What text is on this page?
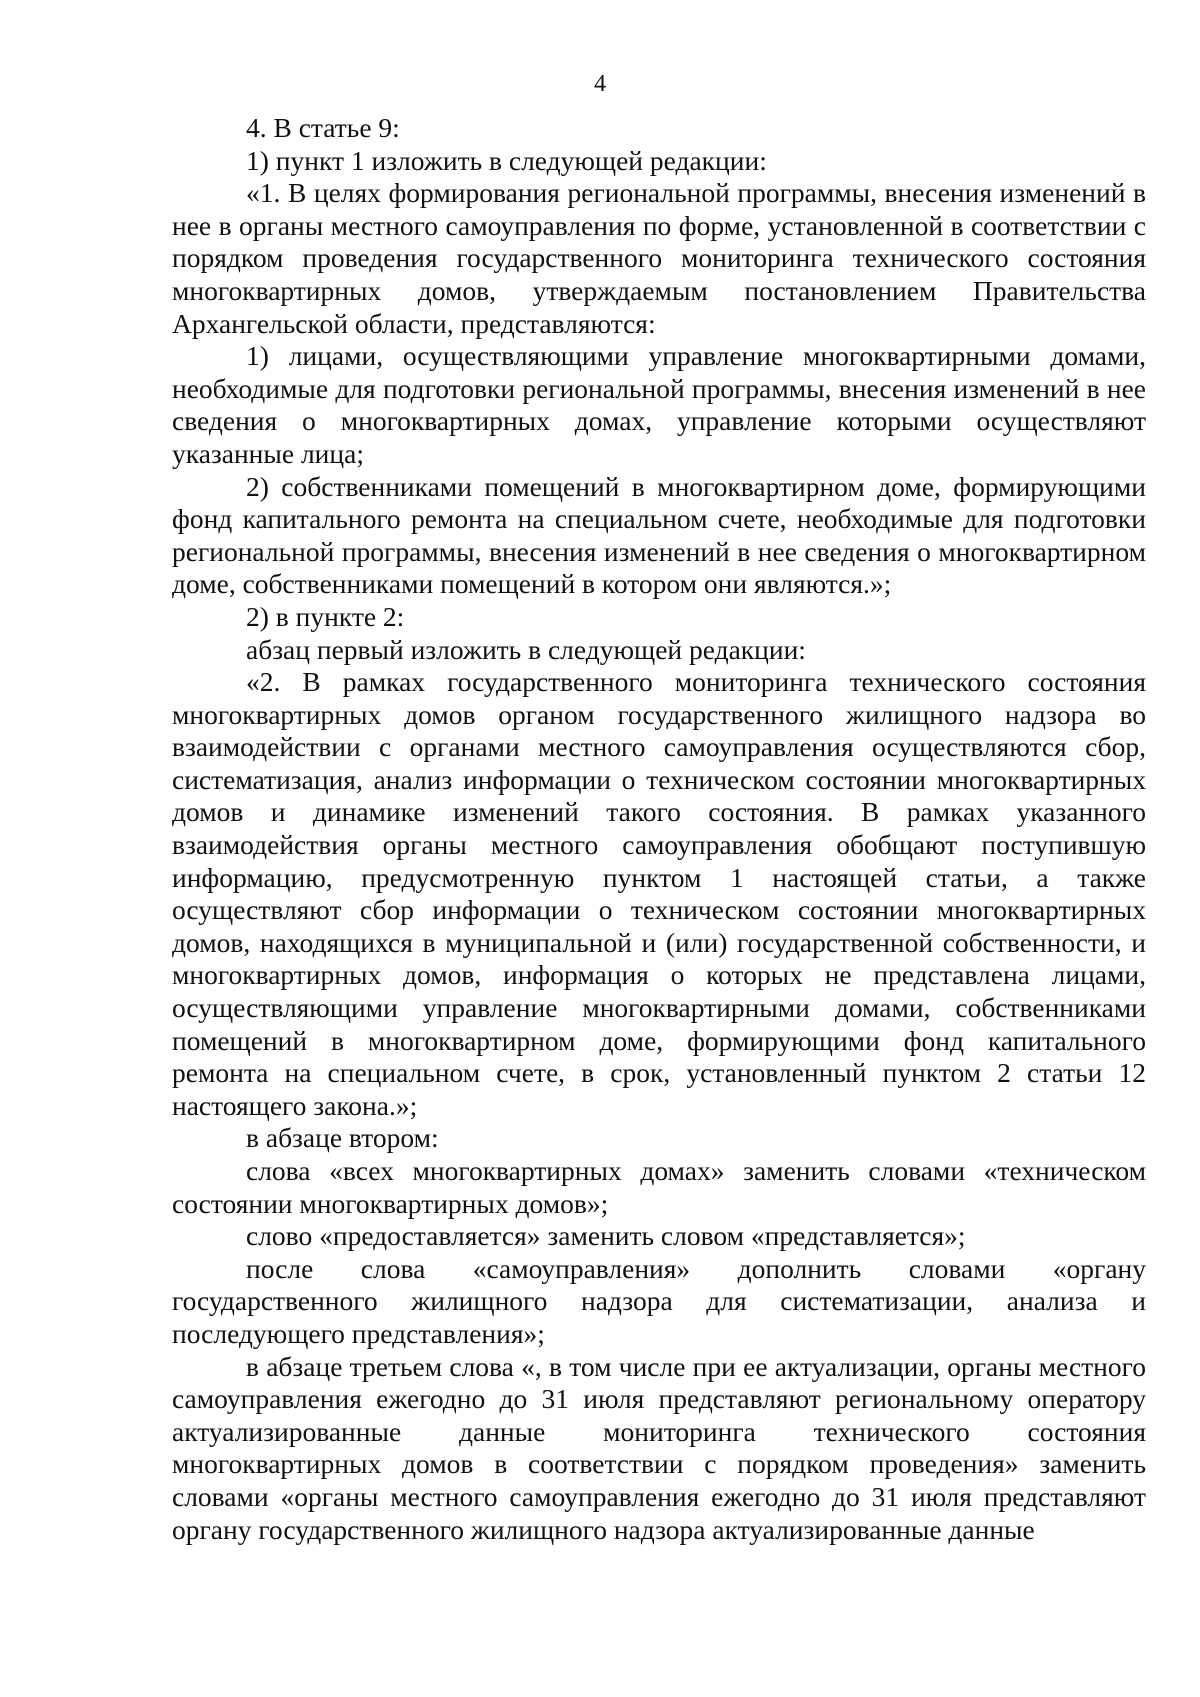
4

4. В статье 9:

1) пункт 1 изложить в следующей редакции:

«1. В целях формирования региональной программы, внесения изменений в нее в органы местного самоуправления по форме, установленной в соответствии с порядком проведения государственного мониторинга технического состояния многоквартирных домов, утверждаемым постановлением Правительства Архангельской области, представляются:

1) лицами, осуществляющими управление многоквартирными домами, необходимые для подготовки региональной программы, внесения изменений в нее сведения о многоквартирных домах, управление которыми осуществляют указанные лица;

2) собственниками помещений в многоквартирном доме, формирующими фонд капитального ремонта на специальном счете, необходимые для подготовки региональной программы, внесения изменений в нее сведения о многоквартирном доме, собственниками помещений в котором они являются.»;

2) в пункте 2:

абзац первый изложить в следующей редакции:

«2. В рамках государственного мониторинга технического состояния многоквартирных домов органом государственного жилищного надзора во взаимодействии с органами местного самоуправления осуществляются сбор, систематизация, анализ информации о техническом состоянии многоквартирных домов и динамике изменений такого состояния. В рамках указанного взаимодействия органы местного самоуправления обобщают поступившую информацию, предусмотренную пунктом 1 настоящей статьи, а также осуществляют сбор информации о техническом состоянии многоквартирных домов, находящихся в муниципальной и (или) государственной собственности, и многоквартирных домов, информация о которых не представлена лицами, осуществляющими управление многоквартирными домами, собственниками помещений в многоквартирном доме, формирующими фонд капитального ремонта на специальном счете, в срок, установленный пунктом 2 статьи 12 настоящего закона.»;

в абзаце втором:

слова «всех многоквартирных домах» заменить словами «техническом состоянии многоквартирных домов»;

слово «предоставляется» заменить словом «представляется»;

после слова «самоуправления» дополнить словами «органу государственного жилищного надзора для систематизации, анализа и последующего представления»;

в абзаце третьем слова «, в том числе при ее актуализации, органы местного самоуправления ежегодно до 31 июля представляют региональному оператору актуализированные данные мониторинга технического состояния многоквартирных домов в соответствии с порядком проведения» заменить словами «органы местного самоуправления ежегодно до 31 июля представляют органу государственного жилищного надзора актуализированные данные
